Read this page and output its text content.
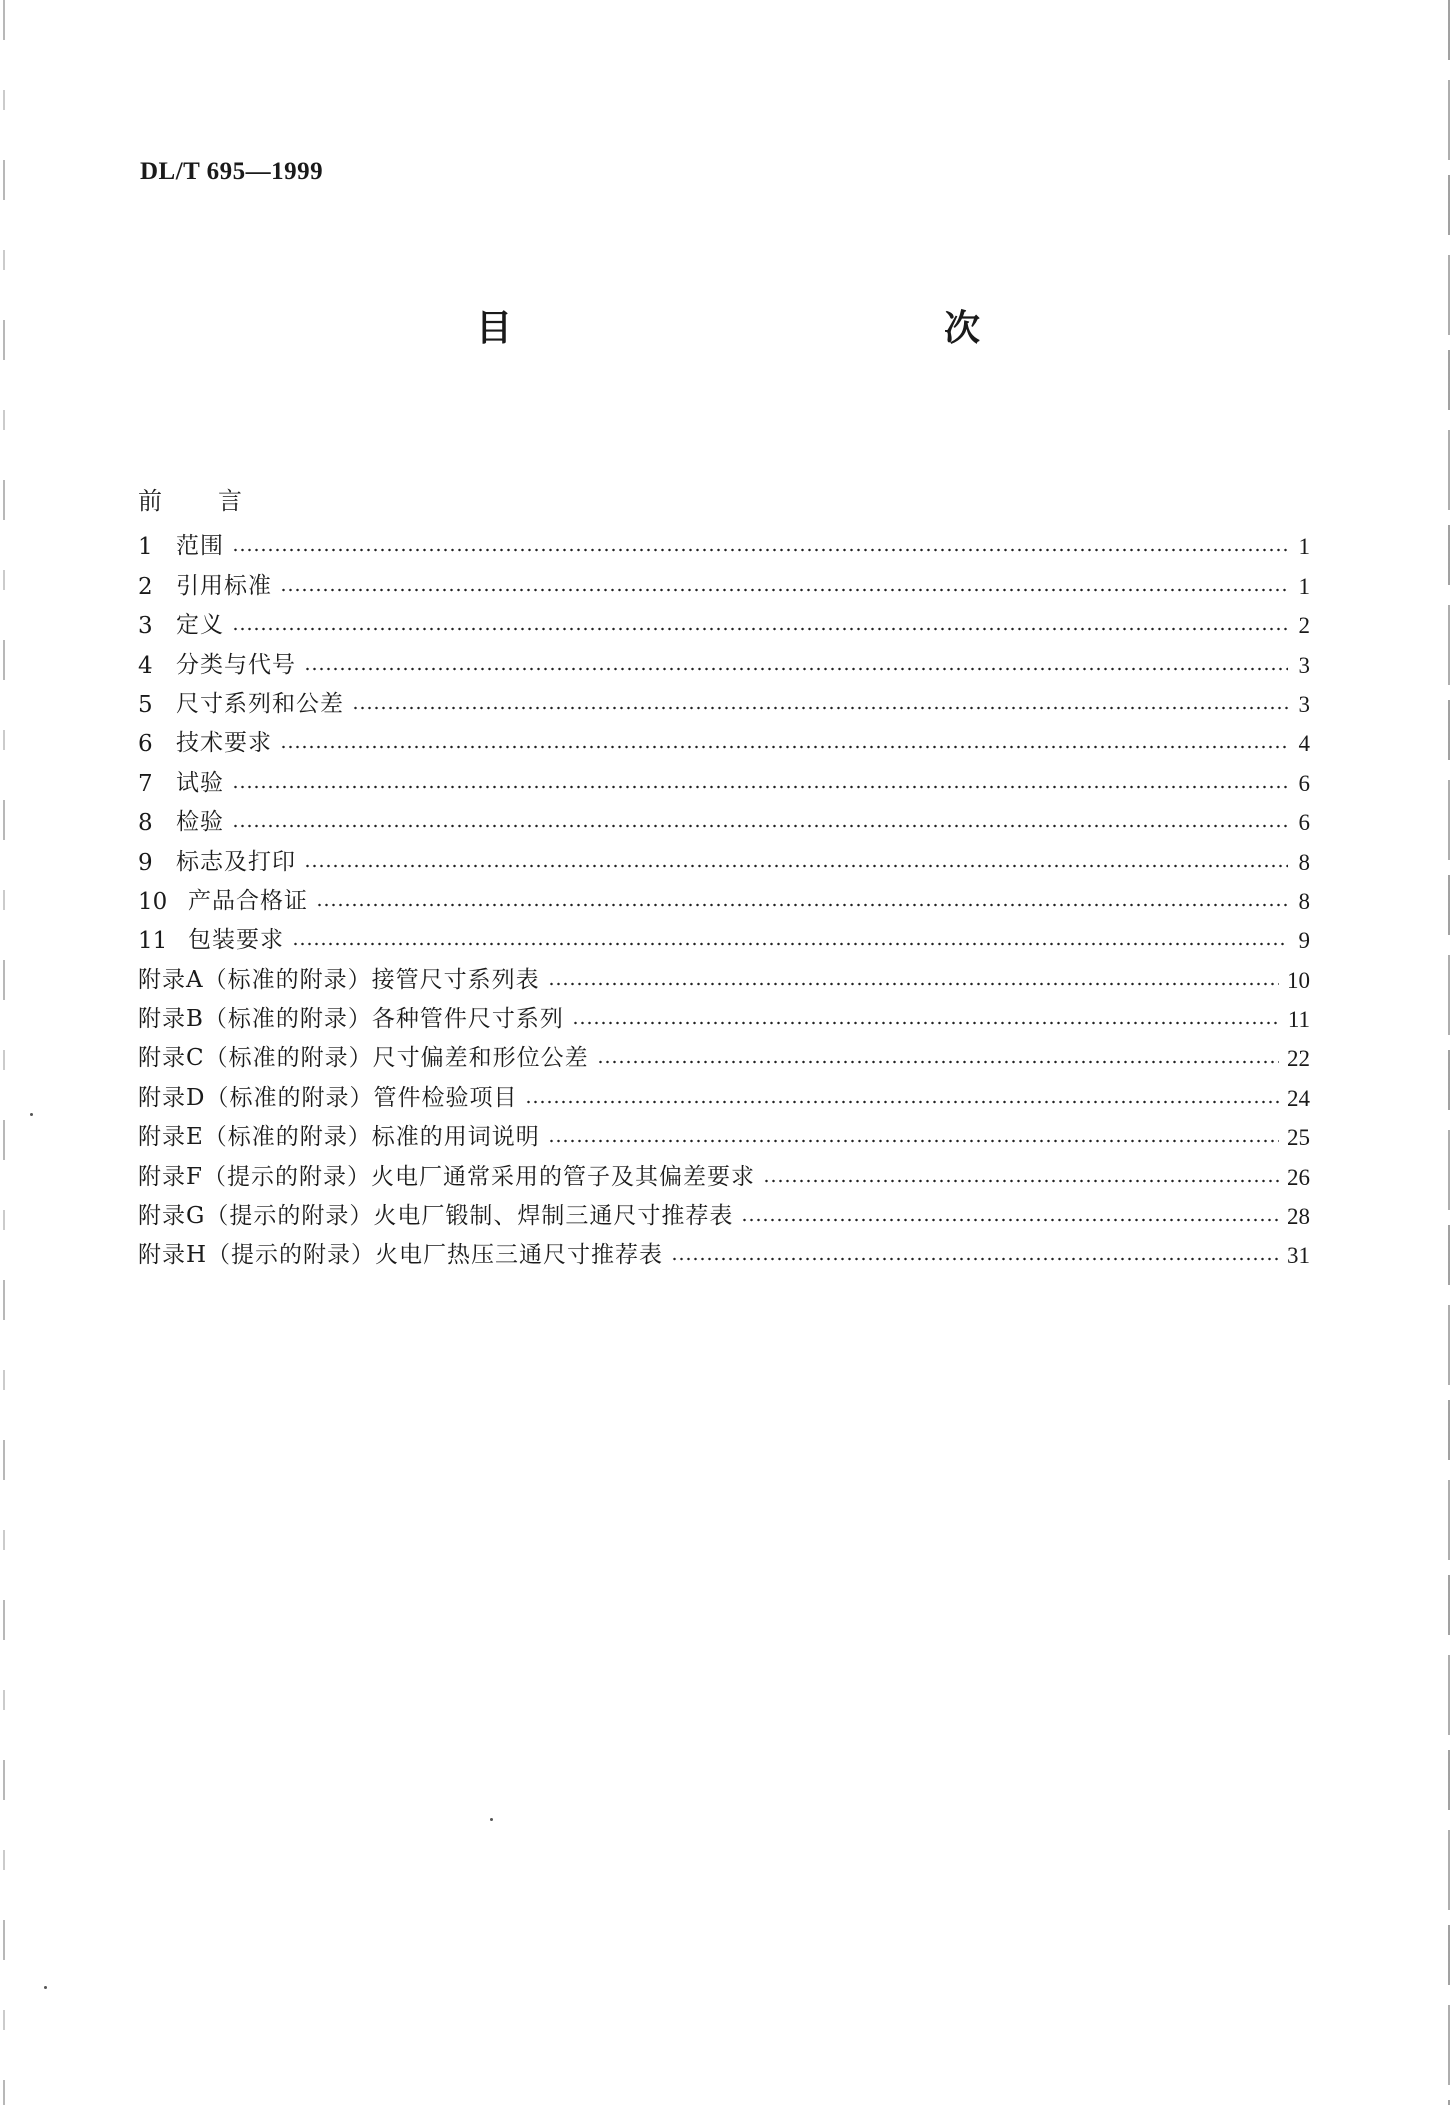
DL/T 695—1999
目　　次
前　言
1	范围	1
2	引用标准	1
3	定义	2
4	分类与代号	3
5	尺寸系列和公差	3
6	技术要求	4
7	试验	6
8	检验	6
9	标志及打印	8
10 产品合格证	8
11 包装要求	9
附录A（标准的附录）接管尺寸系列表	10
附录B（标准的附录）各种管件尺寸系列	11
附录C（标准的附录）尺寸偏差和形位公差	22
附录D（标准的附录）管件检验项目	24
附录E（标准的附录）标准的用词说明	25
附录F（提示的附录）火电厂通常采用的管子及其偏差要求	26
附录G（提示的附录）火电厂锻制、焊制三通尺寸推荐表	28
附录H（提示的附录）火电厂热压三通尺寸推荐表	31
